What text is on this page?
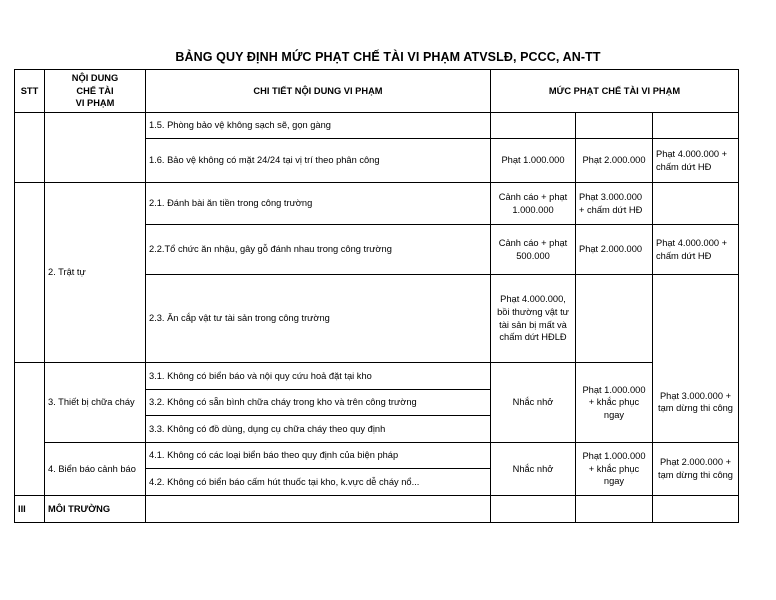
BẢNG QUY ĐỊNH MỨC PHẠT CHẾ TÀI VI PHẠM ATVSLĐ, PCCC, AN-TT
STT	NỘI DUNG
CHẾ TÀI
VI PHẠM	CHI TIẾT NỘI DUNG VI PHẠM	MỨC PHẠT CHẾ TÀI VI PHẠM		
		1.5. Phòng bảo vệ không sạch sẽ, gọn gàng			
		1.6. Bảo vệ không có mặt 24/24 tại vị trí theo phân công	Phạt 1.000.000	Phạt 2.000.000	Phạt 4.000.000 + chấm dứt HĐ
	2. Trật tự	2.1. Đánh bài ăn tiền trong công trường	Cảnh cáo + phạt 1.000.000	Phạt 3.000.000 + chấm dứt HĐ	
		2.2.Tổ chức ăn nhậu, gây gỗ đánh nhau trong công trường	Cảnh cáo + phạt 500.000	Phạt 2.000.000	Phạt 4.000.000 + chấm dứt HĐ
		2.3. Ăn cắp vật tư tài sản trong công trường	Phạt 4.000.000, bồi thường vật tư tài sản bị mất và chấm dứt HĐLĐ		
	3. Thiết bị chữa cháy	3.1. Không có biển báo và nội quy cứu hoả đặt tại kho	Nhắc nhở	Phạt 1.000.000 + khắc phục ngay	Phạt 3.000.000 + tạm dừng thi công
		3.2. Không có sẵn bình chữa cháy trong kho và trên công trường			
		3.3. Không có đồ dùng, dụng cụ chữa cháy theo quy định			
	4. Biển báo cảnh báo	4.1. Không có các loại biển báo theo quy định của biện pháp	Nhắc nhở	Phạt 1.000.000 + khắc phục ngay	Phạt 2.000.000 + tạm dừng thi công
		4.2. Không có biển báo cấm hút thuốc tại kho, k.vực dễ cháy nổ...			
III	MÔI TRƯỜNG				
